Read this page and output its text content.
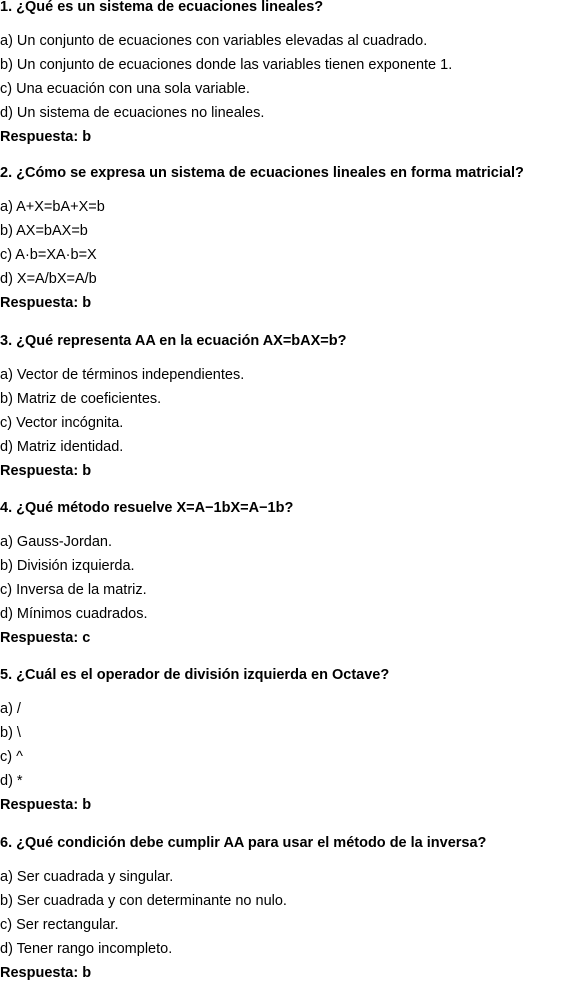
1. ¿Qué es un sistema de ecuaciones lineales?
a) Un conjunto de ecuaciones con variables elevadas al cuadrado.
b) Un conjunto de ecuaciones donde las variables tienen exponente 1.
c) Una ecuación con una sola variable.
d) Un sistema de ecuaciones no lineales.
Respuesta: b
2. ¿Cómo se expresa un sistema de ecuaciones lineales en forma matricial?
a) A+X=bA+X=b
b) AX=bAX=b
c) A·b=XA·b=X
d) X=A/bX=A/b
Respuesta: b
3. ¿Qué representa AA en la ecuación AX=bAX=b?
a) Vector de términos independientes.
b) Matriz de coeficientes.
c) Vector incógnita.
d) Matriz identidad.
Respuesta: b
4. ¿Qué método resuelve X=A−1bX=A−1b?
a) Gauss-Jordan.
b) División izquierda.
c) Inversa de la matriz.
d) Mínimos cuadrados.
Respuesta: c
5. ¿Cuál es el operador de división izquierda en Octave?
a) /
b) \
c) ^
d) *
Respuesta: b
6. ¿Qué condición debe cumplir AA para usar el método de la inversa?
a) Ser cuadrada y singular.
b) Ser cuadrada y con determinante no nulo.
c) Ser rectangular.
d) Tener rango incompleto.
Respuesta: b
